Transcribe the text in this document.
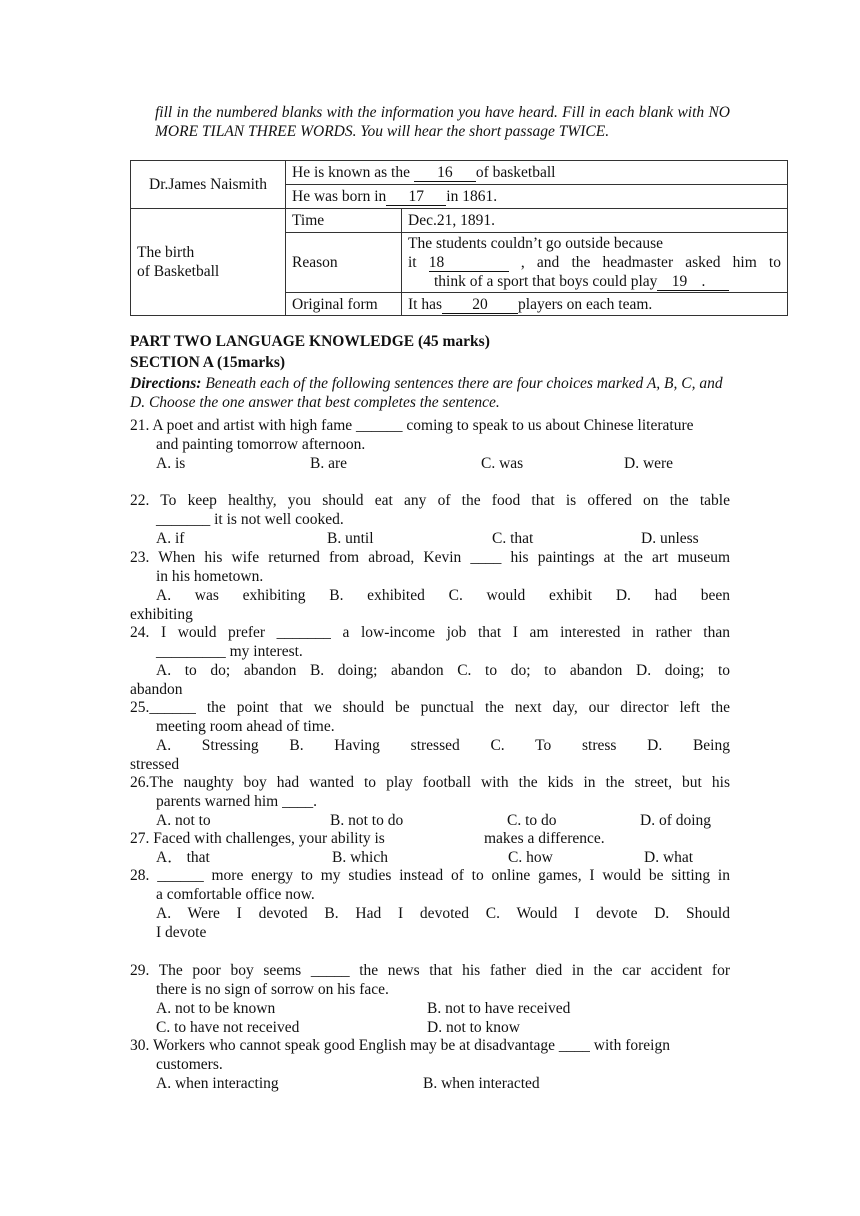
fill in the numbered blanks with the information you have heard. Fill in each blank with NO MORE TILAN THREE WORDS. You will hear the short passage TWICE.
Dr.James Naismith	He is known as the 16 of basketball	
	He was born in 17 in 1861.	

The birth
of Basketball	Time	Dec.21, 1891.
	Reason	The students couldn’t go outside because
it 18 , and the headmaster asked him to
think of a sport that boys could play 19 .

	Original form	It has 20 players on each team.
PART TWO LANGUAGE KNOWLEDGE (45 marks)
SECTION A (15marks)
Directions: Beneath each of the following sentences there are four choices marked A, B, C, and D. Choose the one answer that best completes the sentence.
21. A poet and artist with high fame ______ coming to speak to us about Chinese literature
and painting tomorrow afternoon.
A. is	B. are	C. was	D. were
22. To keep healthy, you should eat any of the food that is offered on the table
_______ it is not well cooked.
A. if	B. until	C. that	D. unless
23. When his wife returned from abroad, Kevin ____ his paintings at the art museum
in his hometown.
A. was exhibiting B. exhibited C. would exhibit D. had been
exhibiting
24. I would prefer _______ a low-income job that I am interested in rather than
_________ my interest.
A. to do; abandon B. doing; abandon C. to do; to abandon D. doing; to
abandon
25.______ the point that we should be punctual the next day, our director left the
meeting room ahead of time.
A. Stressing B. Having stressed C. To stress D. Being
stressed
26.The naughty boy had wanted to play football with the kids in the street, but his
parents warned him ____.
A. not to	B. not to do	C. to do	D. of doing
27. Faced with challenges, your ability is	makes a difference.
A． that	B. which	C. how	D. what
28. ______ more energy to my studies instead of to online games, I would be sitting in
a comfortable office now.
A. Were I devoted B. Had I devoted C. Would I devote D. Should
I devote
29. The poor boy seems _____ the news that his father died in the car accident for
there is no sign of sorrow on his face.
A. not to be known	B. not to have received
C. to have not received	D. not to know
30. Workers who cannot speak good English may be at disadvantage ____ with foreign
customers.
A. when interacting	B. when interacted
